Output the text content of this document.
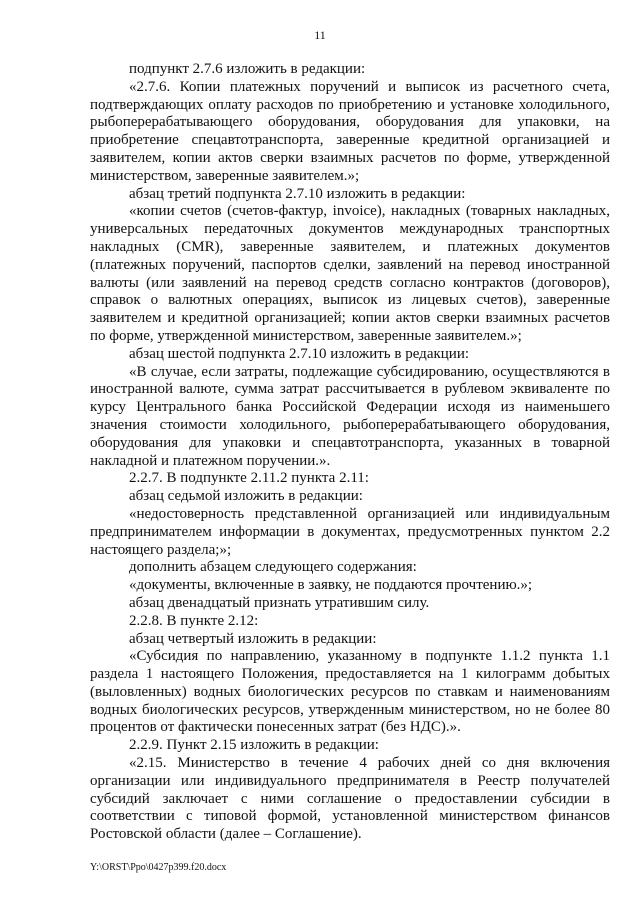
11

подпункт 2.7.6 изложить в редакции:

«2.7.6. Копии платежных поручений и выписок из расчетного счета, подтверждающих оплату расходов по приобретению и установке холодильного, рыбоперерабатывающего оборудования, оборудования для упаковки, на приобретение спецавтотранспорта, заверенные кредитной организацией и заявителем, копии актов сверки взаимных расчетов по форме, утвержденной министерством, заверенные заявителем.»;

абзац третий подпункта 2.7.10 изложить в редакции:

«копии счетов (счетов-фактур, invoice), накладных (товарных накладных, универсальных передаточных документов международных транспортных накладных (CMR), заверенные заявителем, и платежных документов (платежных поручений, паспортов сделки, заявлений на перевод иностранной валюты (или заявлений на перевод средств согласно контрактов (договоров), справок о валютных операциях, выписок из лицевых счетов), заверенные заявителем и кредитной организацией; копии актов сверки взаимных расчетов по форме, утвержденной министерством, заверенные заявителем.»;

абзац шестой подпункта 2.7.10 изложить в редакции:

«В случае, если затраты, подлежащие субсидированию, осуществляются в иностранной валюте, сумма затрат рассчитывается в рублевом эквиваленте по курсу Центрального банка Российской Федерации исходя из наименьшего значения стоимости холодильного, рыбоперерабатывающего оборудования, оборудования для упаковки и спецавтотранспорта, указанных в товарной накладной и платежном поручении.».

2.2.7. В подпункте 2.11.2 пункта 2.11:

абзац седьмой изложить в редакции:

«недостоверность представленной организацией или индивидуальным предпринимателем информации в документах, предусмотренных пунктом 2.2 настоящего раздела;»;

дополнить абзацем следующего содержания:

«документы, включенные в заявку, не поддаются прочтению.»;

абзац двенадцатый признать утратившим силу.

2.2.8. В пункте 2.12:

абзац четвертый изложить в редакции:

«Субсидия по направлению, указанному в подпункте 1.1.2 пункта 1.1 раздела 1 настоящего Положения, предоставляется на 1 килограмм добытых (выловленных) водных биологических ресурсов по ставкам и наименованиям водных биологических ресурсов, утвержденным министерством, но не более 80 процентов от фактически понесенных затрат (без НДС).».

2.2.9. Пункт 2.15 изложить в редакции:

«2.15. Министерство в течение 4 рабочих дней со дня включения организации или индивидуального предпринимателя в Реестр получателей субсидий заключает с ними соглашение о предоставлении субсидии в соответствии с типовой формой, установленной министерством финансов Ростовской области (далее – Соглашение).

Y:\ORST\Ppo\0427p399.f20.docx
